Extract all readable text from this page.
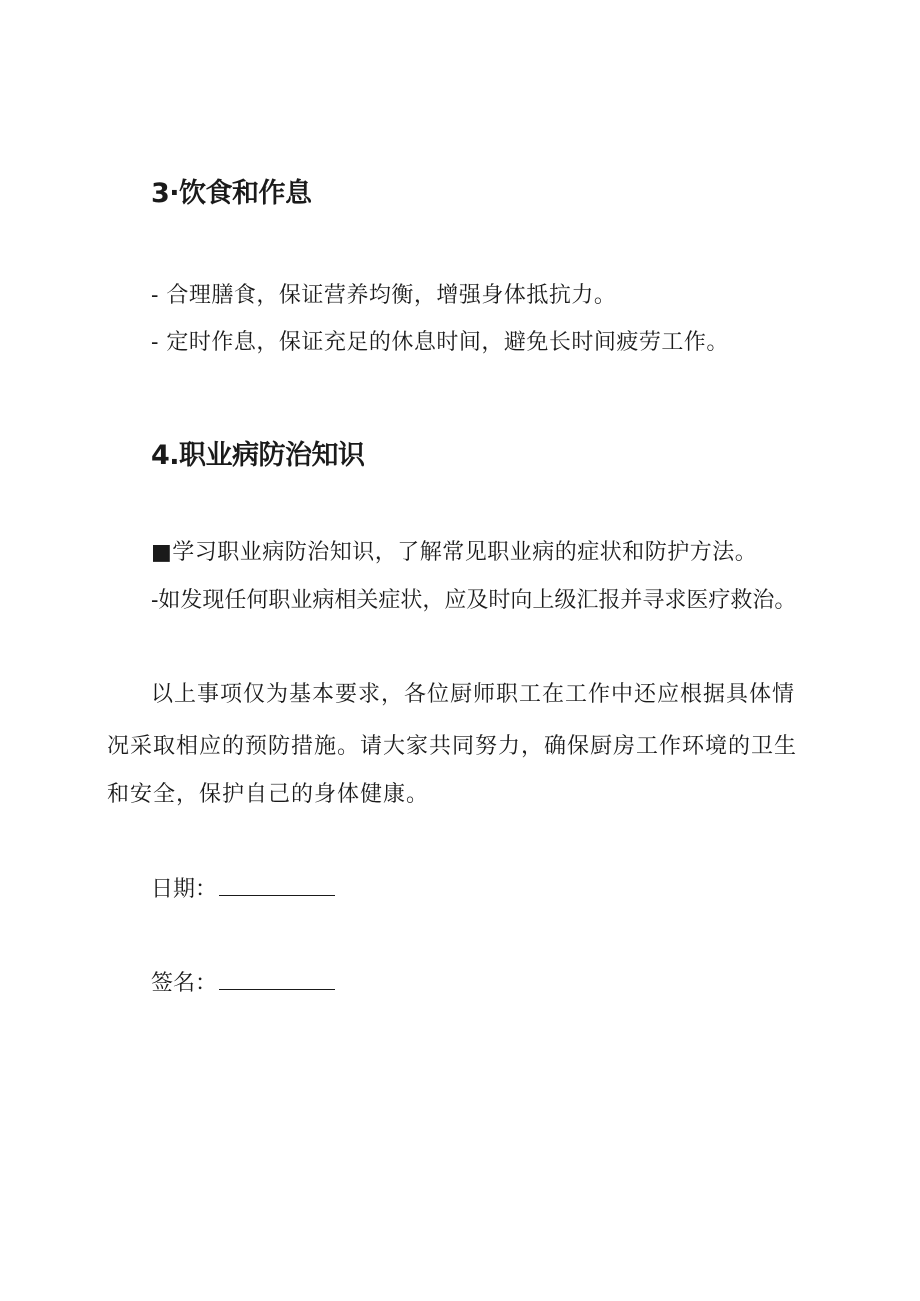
3·饮食和作息
- 合理膳食，保证营养均衡，增强身体抵抗力。
- 定时作息，保证充足的休息时间，避免长时间疲劳工作。
4.职业病防治知识
■学习职业病防治知识，了解常见职业病的症状和防护方法。
-如发现任何职业病相关症状，应及时向上级汇报并寻求医疗救治。
以上事项仅为基本要求，各位厨师职工在工作中还应根据具体情
况采取相应的预防措施。请大家共同努力，确保厨房工作环境的卫生
和安全，保护自己的身体健康。
日期：
签名：
